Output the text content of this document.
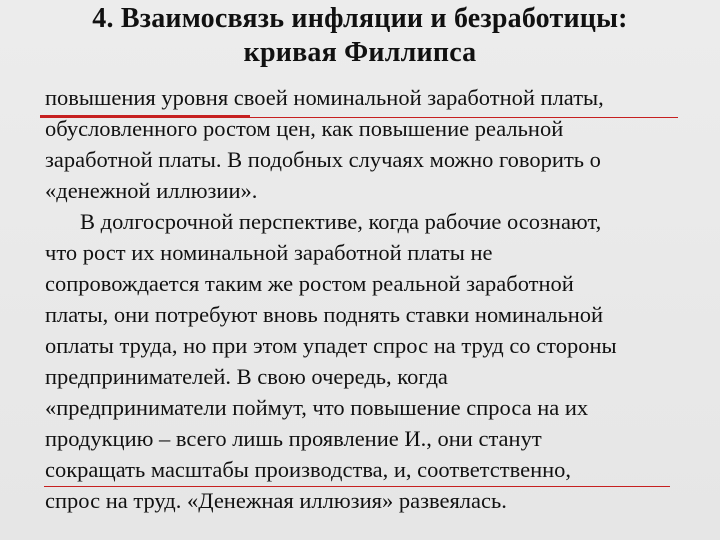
4. Взаимосвязь инфляции и безработицы:
кривая Филлипса
повышения уровня своей номинальной заработной платы,
обусловленного ростом цен, как повышение реальной
заработной платы. В подобных случаях можно говорить о
«денежной иллюзии».
В долгосрочной перспективе, когда рабочие осознают,
что рост их номинальной заработной платы не
сопровождается таким же ростом реальной заработной
платы, они потребуют вновь поднять ставки номинальной
оплаты труда, но при этом упадет спрос на труд со стороны
предпринимателей. В свою очередь, когда
«предприниматели поймут, что повышение спроса на их
продукцию – всего лишь проявление И., они станут
сокращать масштабы производства, и, соответственно,
спрос на труд. «Денежная иллюзия» развеялась.
